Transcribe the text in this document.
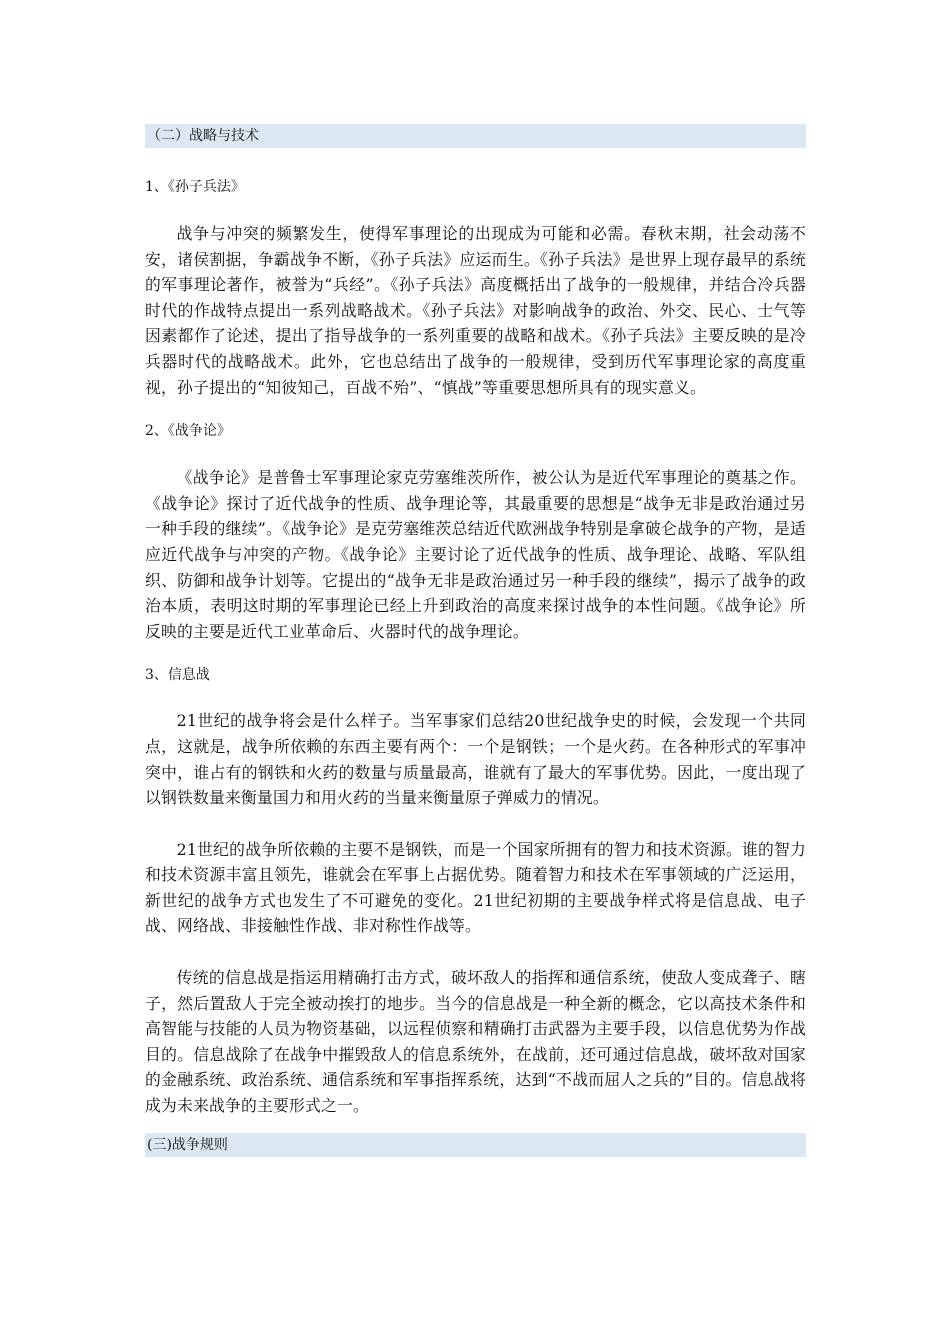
（二）战略与技术
1、《孙子兵法》

战争与冲突的频繁发生，使得军事理论的出现成为可能和必需。春秋末期，社会动荡不安，诸侯割据，争霸战争不断，《孙子兵法》应运而生。《孙子兵法》是世界上现存最早的系统的军事理论著作，被誉为“兵经”。《孙子兵法》高度概括出了战争的一般规律，并结合冷兵器时代的作战特点提出一系列战略战术。《孙子兵法》对影响战争的政治、外交、民心、士气等因素都作了论述，提出了指导战争的一系列重要的战略和战术。《孙子兵法》主要反映的是冷兵器时代的战略战术。此外，它也总结出了战争的一般规律，受到历代军事理论家的高度重视，孙子提出的“知彼知己，百战不殆”、“慎战”等重要思想所具有的现实意义。

2、《战争论》

《战争论》是普鲁士军事理论家克劳塞维茨所作，被公认为是近代军事理论的奠基之作。《战争论》探讨了近代战争的性质、战争理论等，其最重要的思想是“战争无非是政治通过另一种手段的继续”。《战争论》是克劳塞维茨总结近代欧洲战争特别是拿破仑战争的产物，是适应近代战争与冲突的产物。《战争论》主要讨论了近代战争的性质、战争理论、战略、军队组织、防御和战争计划等。它提出的“战争无非是政治通过另一种手段的继续”，揭示了战争的政治本质，表明这时期的军事理论已经上升到政治的高度来探讨战争的本性问题。《战争论》所反映的主要是近代工业革命后、火器时代的战争理论。

3、信息战

21世纪的战争将会是什么样子。当军事家们总结20世纪战争史的时候，会发现一个共同点，这就是，战争所依赖的东西主要有两个：一个是钢铁；一个是火药。在各种形式的军事冲突中，谁占有的钢铁和火药的数量与质量最高，谁就有了最大的军事优势。因此，一度出现了以钢铁数量来衡量国力和用火药的当量来衡量原子弹威力的情况。

21世纪的战争所依赖的主要不是钢铁，而是一个国家所拥有的智力和技术资源。谁的智力和技术资源丰富且领先，谁就会在军事上占据优势。随着智力和技术在军事领域的广泛运用，新世纪的战争方式也发生了不可避免的变化。21世纪初期的主要战争样式将是信息战、电子战、网络战、非接触性作战、非对称性作战等。

传统的信息战是指运用精确打击方式，破坏敌人的指挥和通信系统，使敌人变成聋子、瞎子，然后置敌人于完全被动挨打的地步。当今的信息战是一种全新的概念，它以高技术条件和高智能与技能的人员为物资基础，以远程侦察和精确打击武器为主要手段，以信息优势为作战目的。信息战除了在战争中摧毁敌人的信息系统外，在战前，还可通过信息战，破坏敌对国家的金融系统、政治系统、通信系统和军事指挥系统，达到“不战而屈人之兵的”目的。信息战将成为未来战争的主要形式之一。

(三)战争规则
